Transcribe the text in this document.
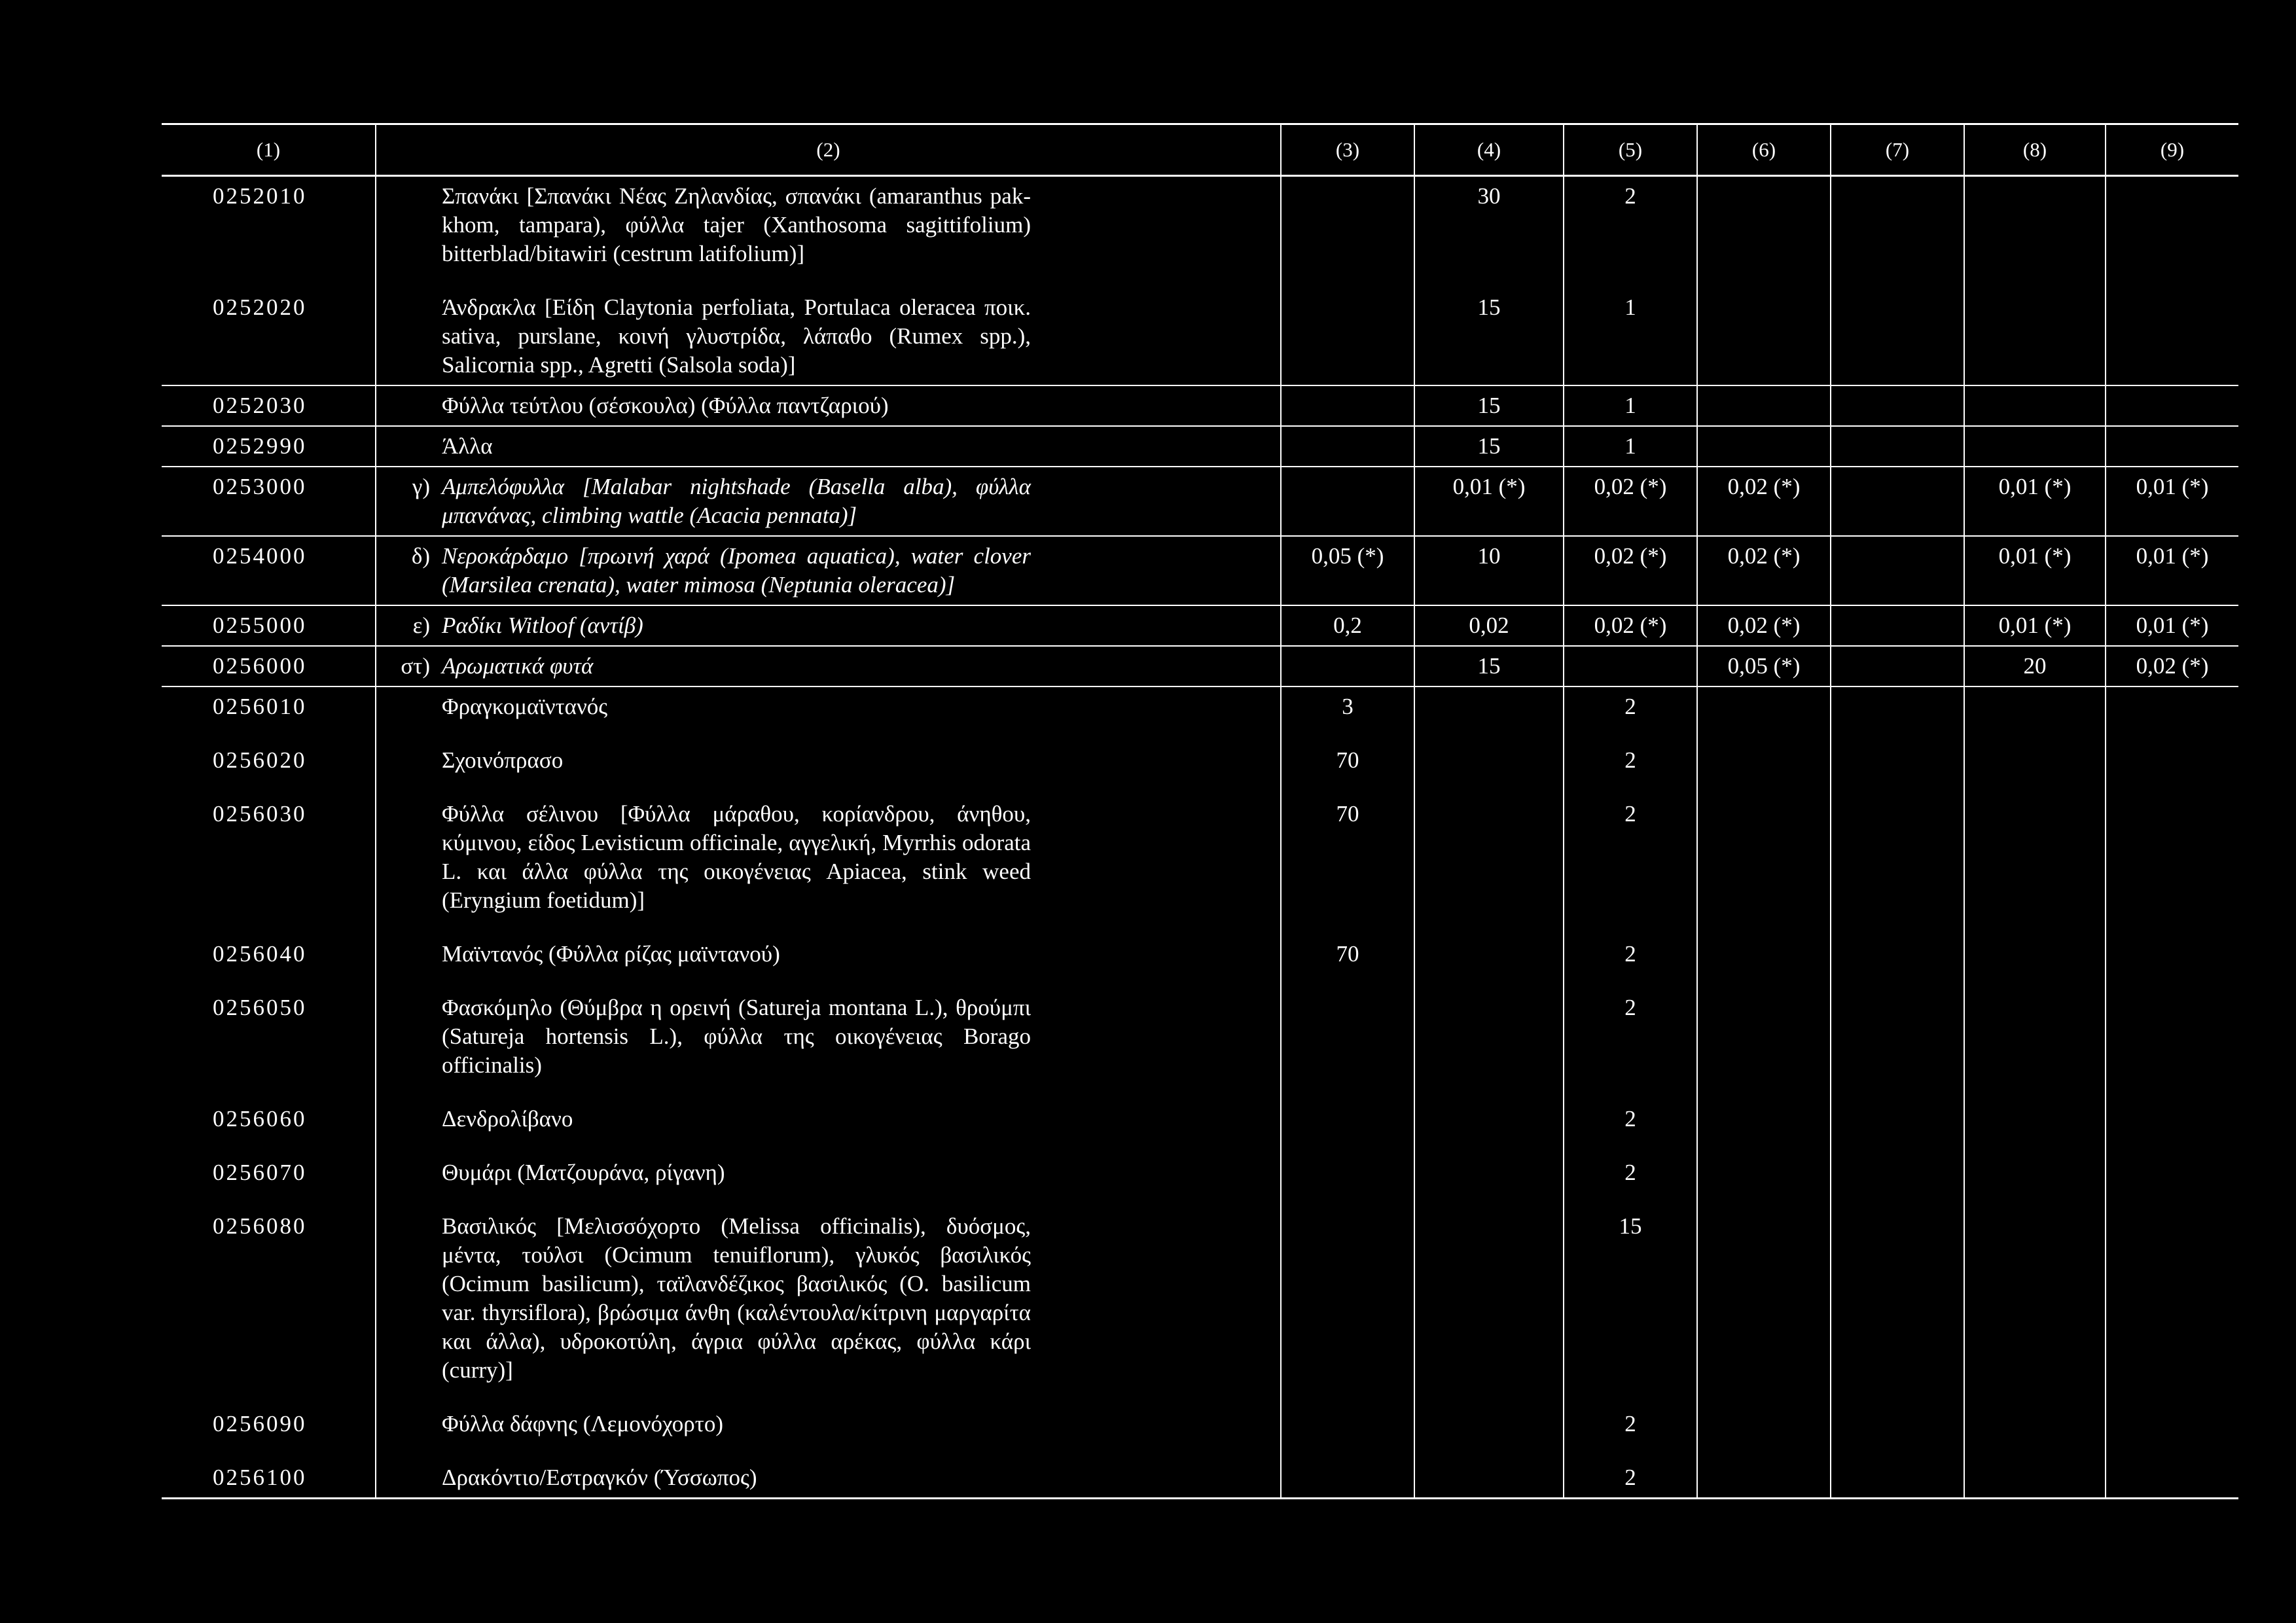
(1)	(2)	(3)	(4)	(5)	(6)	(7)	(8)	(9)
0252010	Σπανάκι [Σπανάκι Νέας Ζηλανδίας, σπανάκι (amaranthus pak-khom, tampara), φύλλα tajer (Xanthosoma sagittifolium) bitterblad/bitawiri (cestrum latifolium)]		30	2				
0252020	Άνδρακλα [Είδη Claytonia perfoliata, Portulaca oleracea ποικ. sativa, purslane, κοινή γλυστρίδα, λάπαθο (Rumex spp.), Salicornia spp., Agretti (Salsola soda)]		15	1				
0252030	Φύλλα τεύτλου (σέσκουλα) (Φύλλα παντζαριού)		15	1				
0252990	Άλλα		15	1				
0253000	γ) Αμπελόφυλλα [Malabar nightshade (Basella alba), φύλλα μπανάνας, climbing wattle (Acacia pennata)]		0,01 (*)	0,02 (*)	0,02 (*)		0,01 (*)	0,01 (*)
0254000	δ) Νεροκάρδαμο [πρωινή χαρά (Ipomea aquatica), water clover (Marsilea crenata), water mimosa (Neptunia oleracea)]	0,05 (*)	10	0,02 (*)	0,02 (*)		0,01 (*)	0,01 (*)
0255000	ε) Ραδίκι Witloof (αντίβ)	0,2	0,02	0,02 (*)	0,02 (*)		0,01 (*)	0,01 (*)
0256000	στ) Αρωματικά φυτά		15		0,05 (*)		20	0,02 (*)
0256010	Φραγκομαϊντανός	3		2				
0256020	Σχοινόπρασο	70		2				
0256030	Φύλλα σέλινου [Φύλλα μάραθου, κορίανδρου, άνηθου, κύμινου, είδος Levisticum officinale, αγγελική, Myrrhis odorata L. και άλλα φύλλα της οικογένειας Apiacea, stink weed (Eryngium foetidum)]	70		2				
0256040	Μαϊντανός (Φύλλα ρίζας μαϊντανού)	70		2				
0256050	Φασκόμηλο (Θύμβρα η ορεινή (Satureja montana L.), θρούμπι (Satureja hortensis L.), φύλλα της οικογένειας Borago officinalis)			2				
0256060	Δενδρολίβανο			2				
0256070	Θυμάρι (Ματζουράνα, ρίγανη)			2				
0256080	Βασιλικός [Μελισσόχορτο (Melissa officinalis), δυόσμος, μέντα, τούλσι (Ocimum tenuiflorum), γλυκός βασιλικός (Ocimum basilicum), ταϊλανδέζικος βασιλικός (O. basilicum var. thyrsiflora), βρώσιμα άνθη (καλέντουλα/κίτρινη μαργαρίτα και άλλα), υδροκοτύλη, άγρια φύλλα αρέκας, φύλλα κάρι (curry)]			15				
0256090	Φύλλα δάφνης (Λεμονόχορτο)			2				
0256100	Δρακόντιο/Εστραγκόν (Ύσσωπος)			2				
